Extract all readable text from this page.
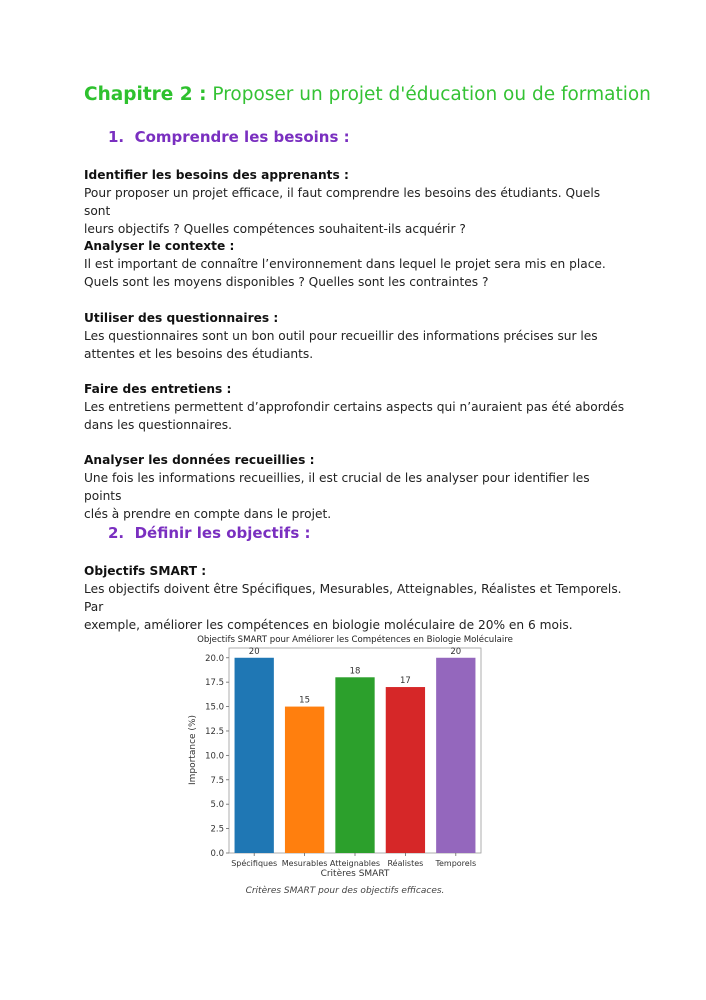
Chapitre 2 : Proposer un projet d'éducation ou de formation
1. Comprendre les besoins :
Identifier les besoins des apprenants :

Pour proposer un projet efficace, il faut comprendre les besoins des étudiants. Quels sont

leurs objectifs ? Quelles compétences souhaitent-ils acquérir ?

Analyser le contexte :

Il est important de connaître l’environnement dans lequel le projet sera mis en place.

Quels sont les moyens disponibles ? Quelles sont les contraintes ?

Utiliser des questionnaires :

Les questionnaires sont un bon outil pour recueillir des informations précises sur les

attentes et les besoins des étudiants.

Faire des entretiens :

Les entretiens permettent d’approfondir certains aspects qui n’auraient pas été abordés

dans les questionnaires.

Analyser les données recueillies :

Une fois les informations recueillies, il est crucial de les analyser pour identifier les points

clés à prendre en compte dans le projet.

2. Définir les objectifs :
Objectifs SMART :

Les objectifs doivent être Spécifiques, Mesurables, Atteignables, Réalistes et Temporels. Par

exemple, améliorer les compétences en biologie moléculaire de 20% en 6 mois.

Objectifs SMART pour Améliorer les Compétences en Biologie Moléculaire
0.0
2.5
5.0
7.5
10.0
12.5
15.0
17.5
20.0
20
15
18
17
20
Spécifiques Mesurables Atteignables Réalistes Temporels
Critères SMART
Importance (%)
Critères SMART pour des objectifs efficaces.
